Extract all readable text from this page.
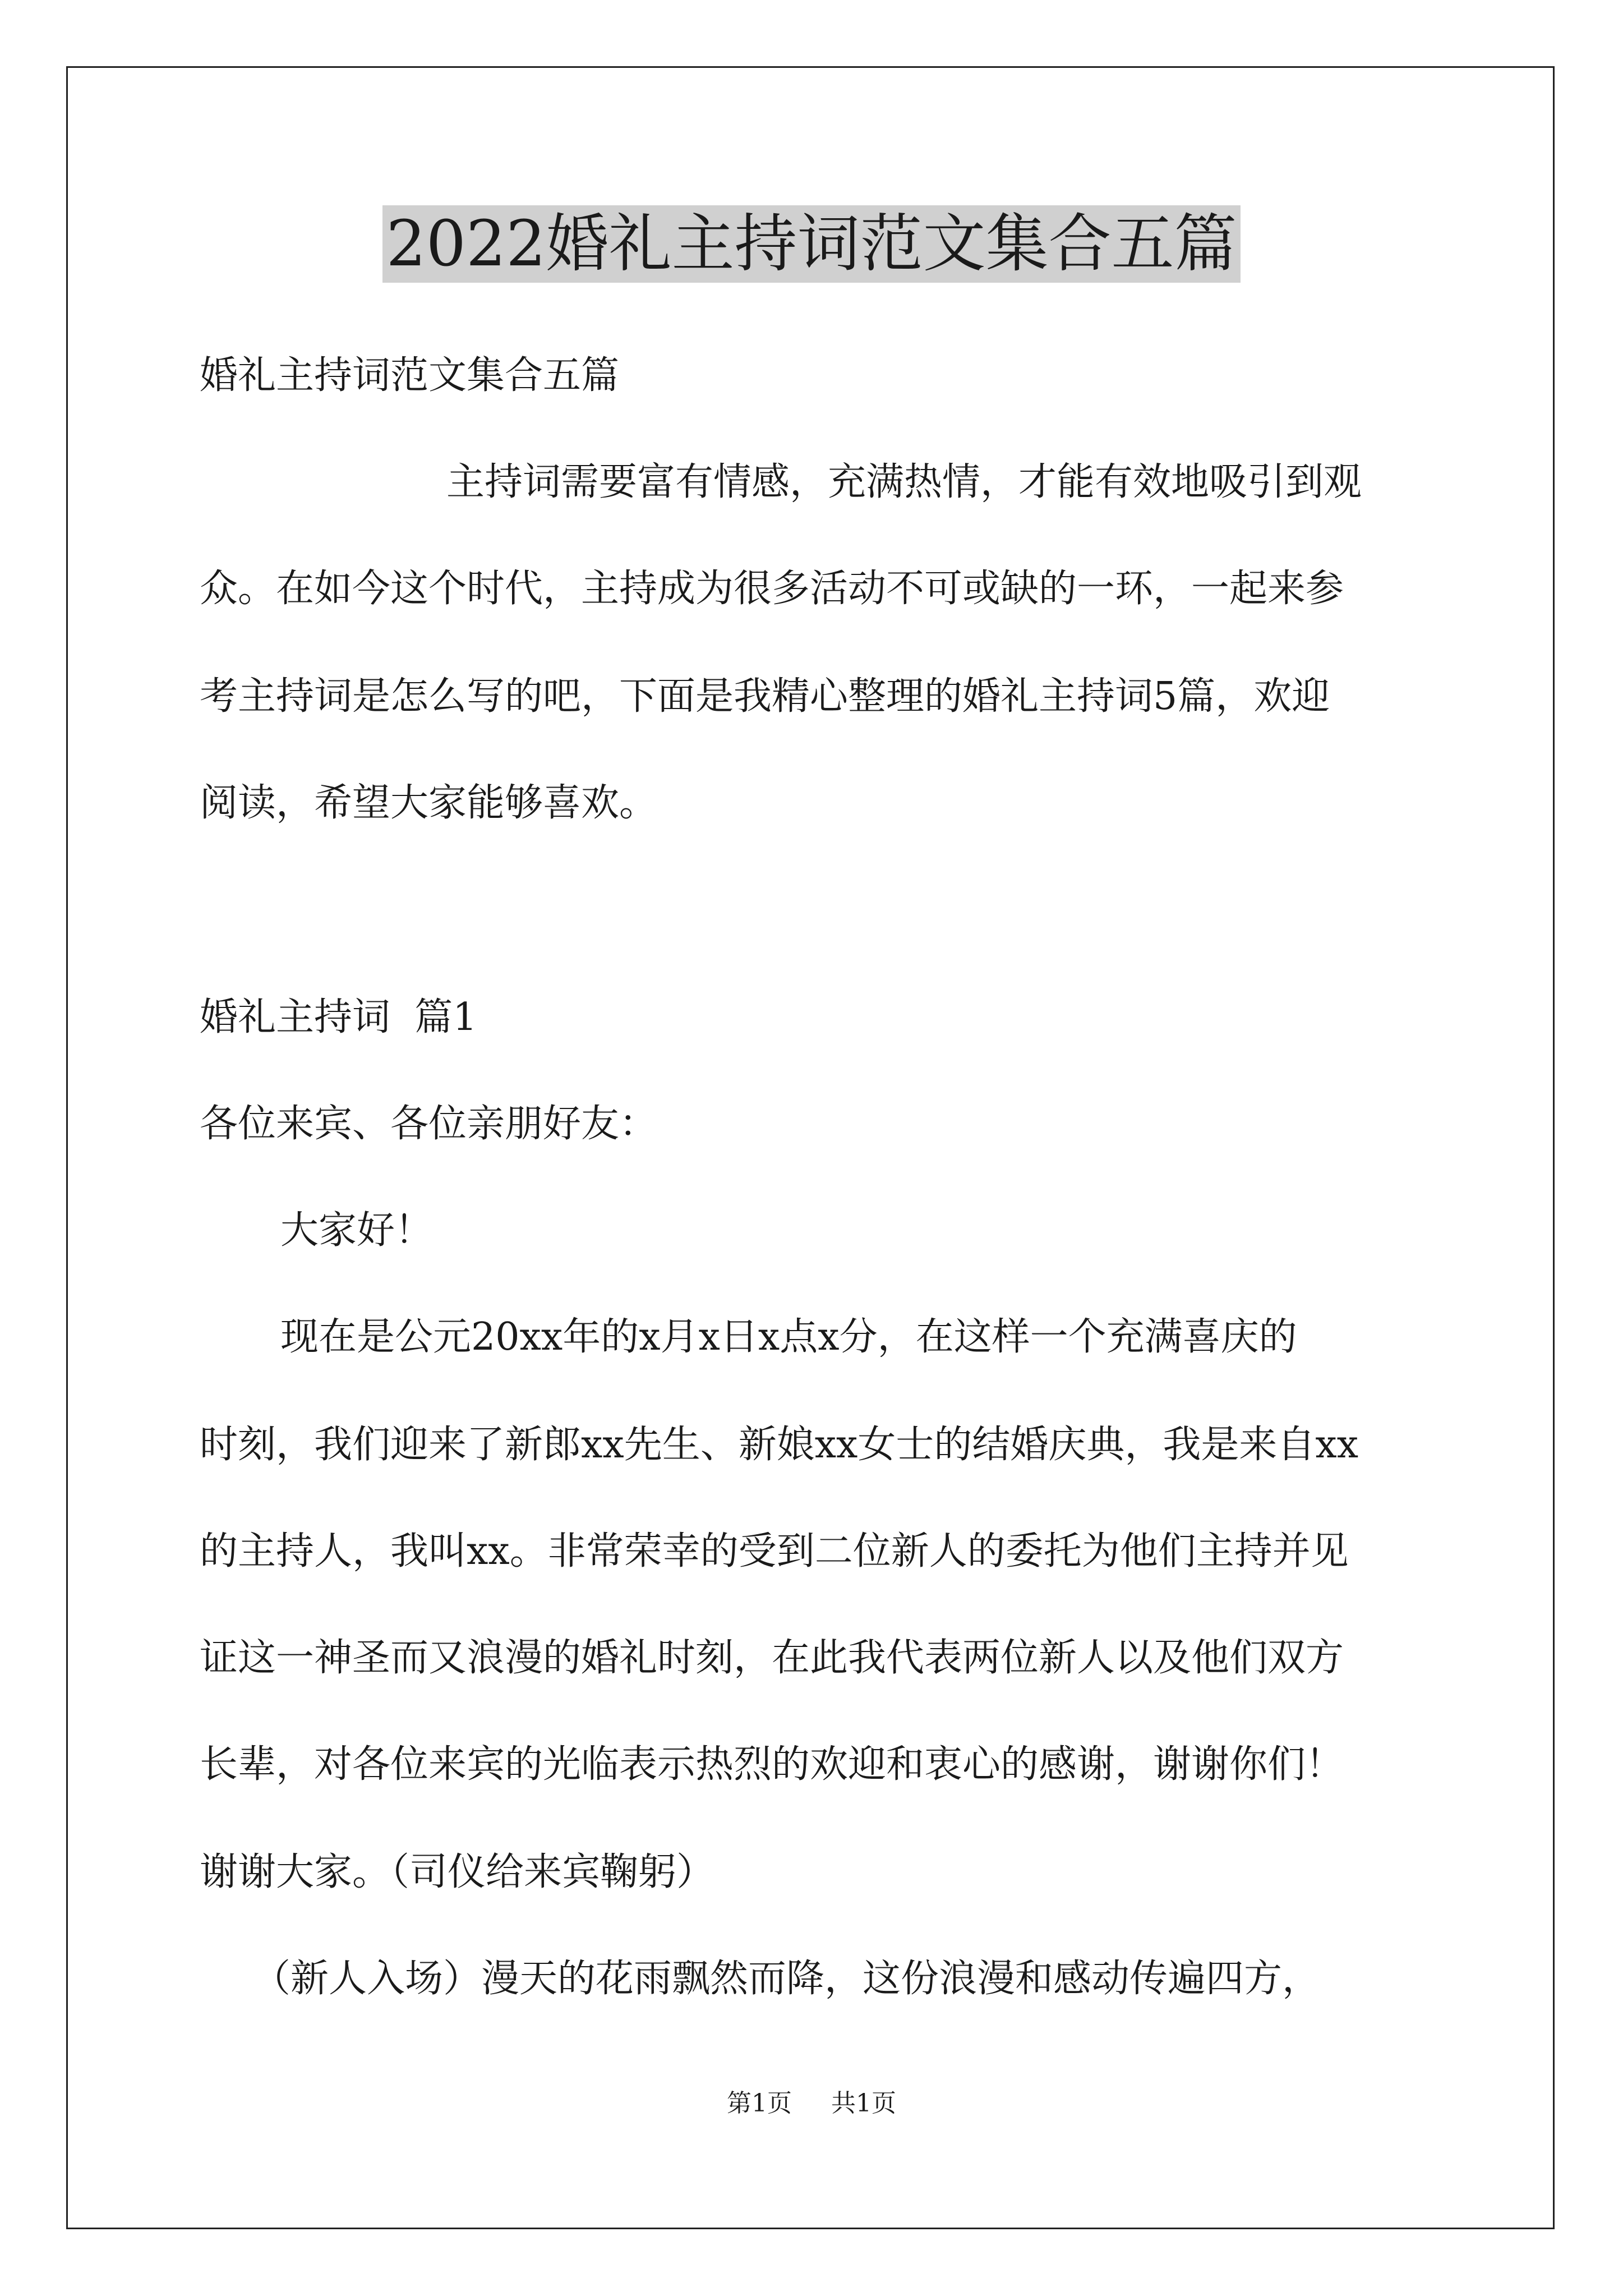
2022婚礼主持词范文集合五篇

婚礼主持词范文集合五篇

主持词需要富有情感，充满热情，才能有效地吸引到观

众。在如今这个时代，主持成为很多活动不可或缺的一环，一起来参

考主持词是怎么写的吧，下面是我精心整理的婚礼主持词5篇，欢迎

阅读，希望大家能够喜欢。

婚礼主持词  篇1

各位来宾、各位亲朋好友：

大家好！

现在是公元20xx年的x月x日x点x分，在这样一个充满喜庆的

时刻，我们迎来了新郎xx先生、新娘xx女士的结婚庆典，我是来自xx

的主持人，我叫xx。非常荣幸的受到二位新人的委托为他们主持并见

证这一神圣而又浪漫的婚礼时刻，在此我代表两位新人以及他们双方

长辈，对各位来宾的光临表示热烈的欢迎和衷心的感谢，谢谢你们！

谢谢大家。（司仪给来宾鞠躬）

（新人入场）漫天的花雨飘然而降，这份浪漫和感动传遍四方，

第1页 共1页
